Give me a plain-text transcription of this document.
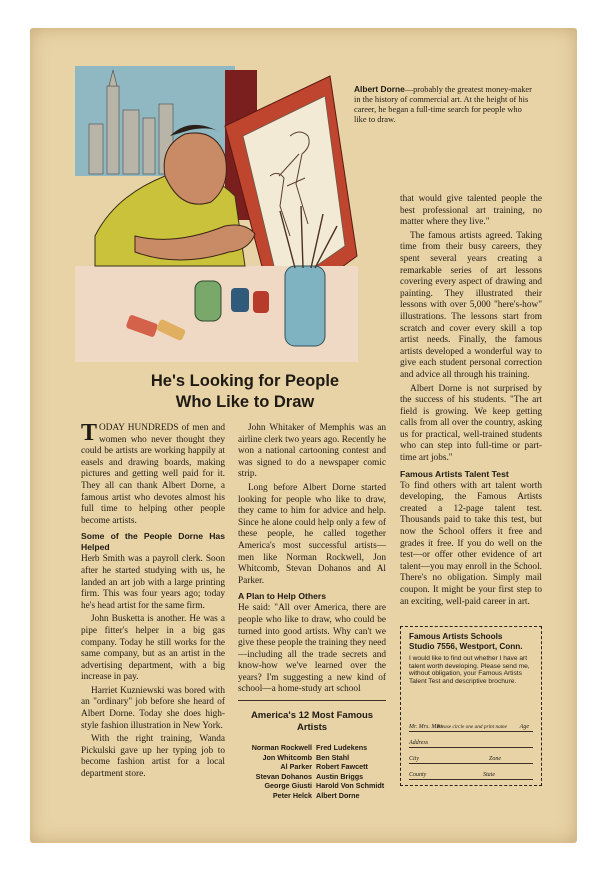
Albert Dorne—probably the greatest money-maker in the history of commercial art. At the height of his career, he began a full-time search for people who like to draw.
He's Looking for People
Who Like to Draw

TODAY HUNDREDS of men and women who never thought they could be artists are working happily at easels and drawing boards, making pictures and getting well paid for it. They all can thank Albert Dorne, a famous artist who devotes almost his full time to helping other people become artists.

Some of the People Dorne Has Helped

Herb Smith was a payroll clerk. Soon after he started studying with us, he landed an art job with a large printing firm. This was four years ago; today he's head artist for the same firm.

John Busketta is another. He was a pipe fitter's helper in a big gas company. Today he still works for the same company, but as an artist in the advertising department, with a big increase in pay.

Harriet Kuzniewski was bored with an "ordinary" job before she heard of Albert Dorne. Today she does high-style fashion illustration in New York.

With the right training, Wanda Pickulski gave up her typing job to become fashion artist for a local department store.

John Whitaker of Memphis was an airline clerk two years ago. Recently he won a national cartooning contest and was signed to do a newspaper comic strip.

Long before Albert Dorne started looking for people who like to draw, they came to him for advice and help. Since he alone could help only a few of these people, he called together America's most successful artists—men like Norman Rockwell, Jon Whitcomb, Stevan Dohanos and Al Parker.

A Plan to Help Others

He said: "All over America, there are people who like to draw, who could be turned into good artists. Why can't we give these people the training they need—including all the trade secrets and know-how we've learned over the years? I'm suggesting a new kind of school—a home-study art school

America's 12 Most Famous Artists
Norman Rockwell Fred Ludekens
Jon Whitcomb Ben Stahl
Al Parker Robert Fawcett
Stevan Dohanos Austin Briggs
George Giusti Harold Von Schmidt
Peter Helck Albert Dorne

that would give talented people the best professional art training, no matter where they live."

The famous artists agreed. Taking time from their busy careers, they spent several years creating a remarkable series of art lessons covering every aspect of drawing and painting. They illustrated their lessons with over 5,000 "here's-how" illustrations. The lessons start from scratch and cover every skill a top artist needs. Finally, the famous artists developed a wonderful way to give each student personal correction and advice all through his training.

Albert Dorne is not surprised by the success of his students. "The art field is growing. We keep getting calls from all over the country, asking us for practical, well-trained students who can step into full-time or part-time art jobs."

Famous Artists Talent Test

To find others with art talent worth developing, the Famous Artists created a 12-page talent test. Thousands paid to take this test, but now the School offers it free and grades it free. If you do well on the test—or offer other evidence of art talent—you may enroll in the School. There's no obligation. Simply mail coupon. It might be your first step to an exciting, well-paid career in art.

Famous Artists Schools
Studio 7556, Westport, Conn.
I would like to find out whether I have art talent worth developing. Please send me, without obligation, your Famous Artists Talent Test and descriptive brochure.
Mr. Mrs. Miss
Please circle one and print name Age
Address
City	Zone
County	State
